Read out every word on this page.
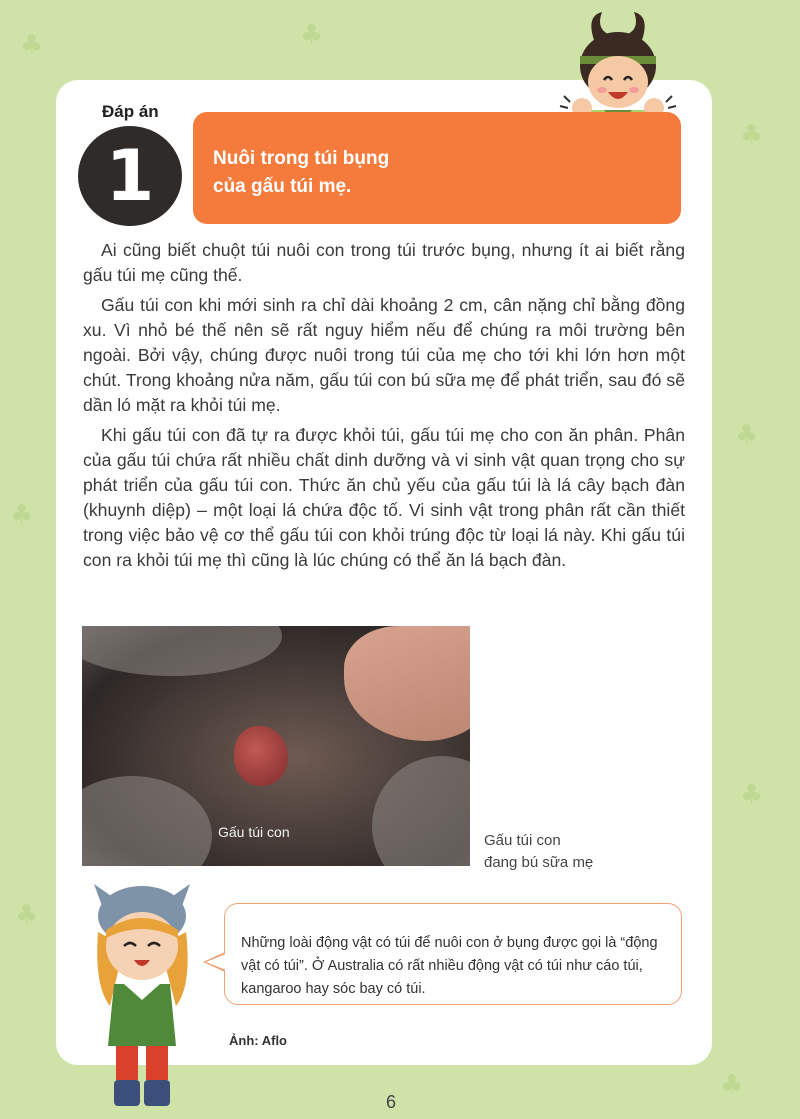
♣	♣
♣
♣
♣
♣
♣
♣
Đáp án
1	Nuôi trong túi bụng
của gấu túi mẹ.

Ai cũng biết chuột túi nuôi con trong túi trước bụng, nhưng ít ai biết rằng gấu túi mẹ cũng thế.

Gấu túi con khi mới sinh ra chỉ dài khoảng 2 cm, cân nặng chỉ bằng đồng xu. Vì nhỏ bé thế nên sẽ rất nguy hiểm nếu để chúng ra môi trường bên ngoài. Bởi vậy, chúng được nuôi trong túi của mẹ cho tới khi lớn hơn một chút. Trong khoảng nửa năm, gấu túi con bú sữa mẹ để phát triển, sau đó sẽ dần ló mặt ra khỏi túi mẹ.

Khi gấu túi con đã tự ra được khỏi túi, gấu túi mẹ cho con ăn phân. Phân của gấu túi chứa rất nhiều chất dinh dưỡng và vi sinh vật quan trọng cho sự phát triển của gấu túi con. Thức ăn chủ yếu của gấu túi là lá cây bạch đàn (khuynh diệp) – một loại lá chứa độc tố. Vi sinh vật trong phân rất cần thiết trong việc bảo vệ cơ thể gấu túi con khỏi trúng độc từ loại lá này. Khi gấu túi con ra khỏi túi mẹ thì cũng là lúc chúng có thể ăn lá bạch đàn.

Gấu túi con	Gấu túi con
đang bú sữa mẹ
Những loài động vật có túi để nuôi con ở bụng được gọi là “động vật có túi”. Ở Australia có rất nhiều động vật có túi như cáo túi, kangaroo hay sóc bay có túi.
Ảnh: Aflo
6
